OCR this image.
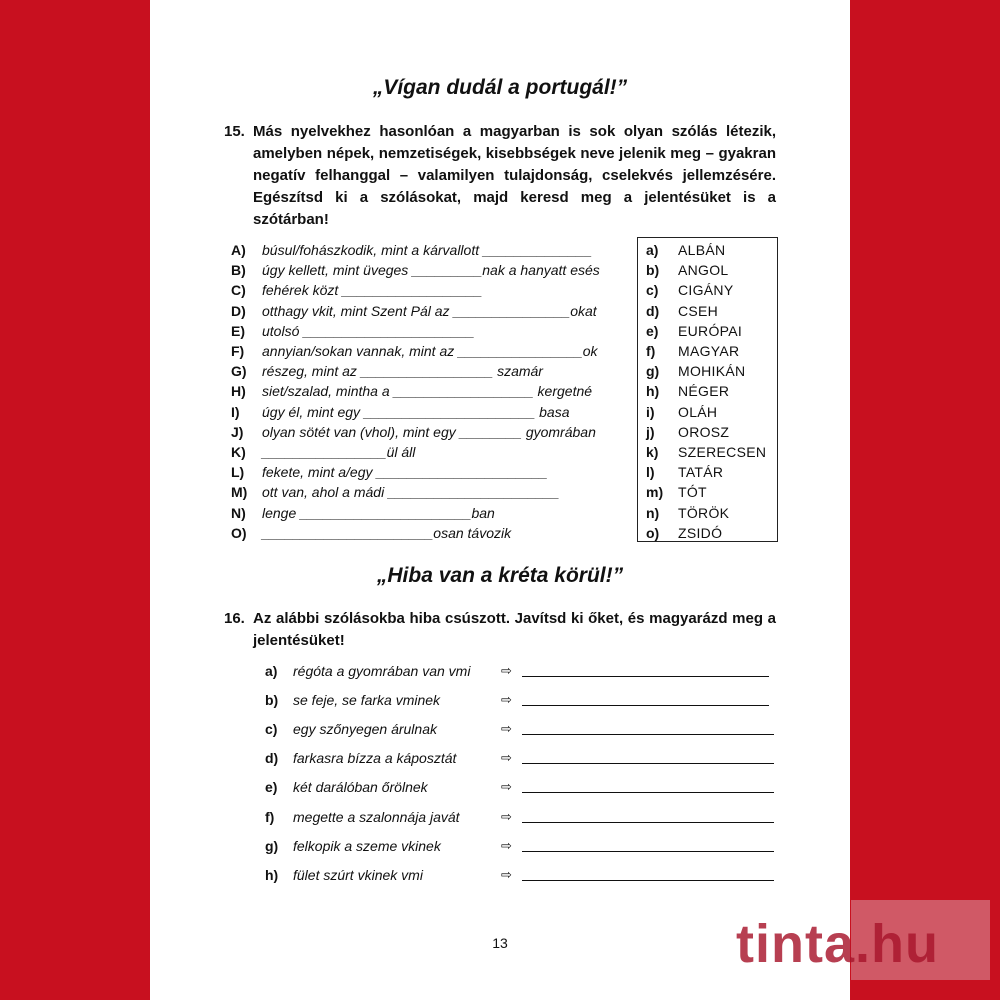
„Vígan dudál a portugál!”
15. Más nyelvekhez hasonlóan a magyarban is sok olyan szólás létezik, amelyben népek, nemzetiségek, kisebbségek neve jelenik meg – gyakran negatív felhanggal – valamilyen tulajdonság, cselekvés jellemzésére. Egészítsd ki a szólásokat, majd keresd meg a jelentésüket is a szótárban!
A) búsul/fohászkodik, mint a kárvallott ______________
B) úgy kellett, mint üveges _________nak a hanyatt esés
C) fehérek közt __________________
D) otthagy vkit, mint Szent Pál az _______________okat
E) utolsó ______________________
F) annyian/sokan vannak, mint az ________________ok
G) részeg, mint az _________________ szamár
H) siet/szalad, mintha a __________________ kergetné
I) úgy él, mint egy ______________________ basa
J) olyan sötét van (vhol), mint egy ________ gyomrában
K) ________________ül áll
L) fekete, mint a/egy ______________________
M) ott van, ahol a mádi ______________________
N) lenge ______________________ban
O) ______________________osan távozik
a) ALBÁN
b) ANGOL
c) CIGÁNY
d) CSEH
e) EURÓPAI
f) MAGYAR
g) MOHIKÁN
h) NÉGER
i) OLÁH
j) OROSZ
k) SZERECSEN
l) TATÁR
m) TÓT
n) TÖRÖK
o) ZSIDÓ
„Hiba van a kréta körül!”
16. Az alábbi szólásokba hiba csúszott. Javítsd ki őket, és magyarázd meg a jelentésüket!
a) régóta a gyomrában van vmi ⇨
b) se feje, se farka vminek	⇨
c) egy szőnyegen árulnak	⇨
d) farkasra bízza a káposztát	⇨
e) két darálóban őrölnek	⇨
f) megette a szalonnája javát	⇨
g) felkopik a szeme vkinek	⇨
h) fület szúrt vkinek vmi	⇨
13	tinta.hu
